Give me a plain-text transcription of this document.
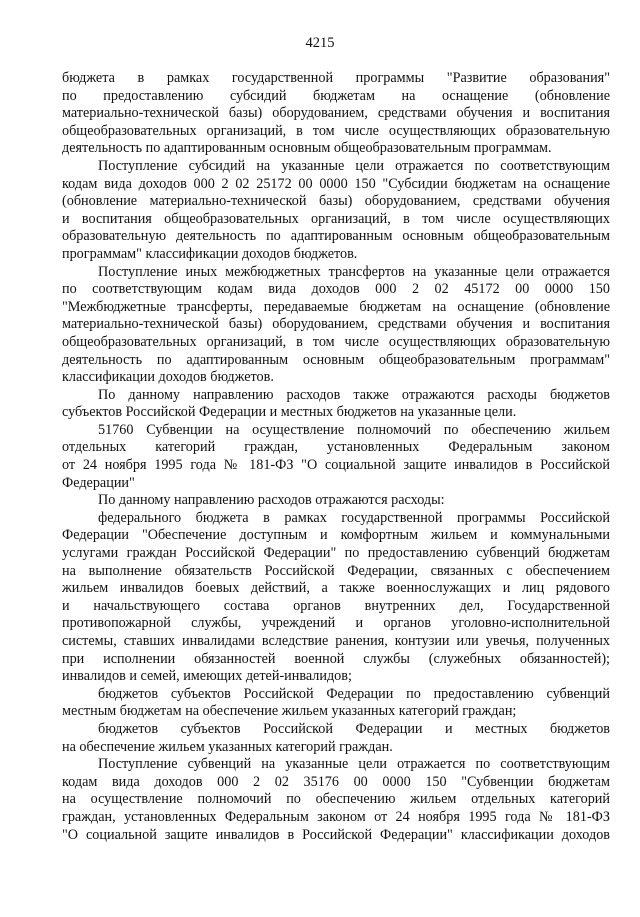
4215
бюджета в рамках государственной программы "Развитие образования"
по предоставлению субсидий бюджетам на оснащение (обновление
материально-технической базы) оборудованием, средствами обучения и воспитания
общеобразовательных организаций, в том числе осуществляющих образовательную
деятельность по адаптированным основным общеобразовательным программам.
Поступление субсидий на указанные цели отражается по соответствующим
кодам вида доходов 000 2 02 25172 00 0000 150 "Субсидии бюджетам на оснащение
(обновление материально-технической базы) оборудованием, средствами обучения
и воспитания общеобразовательных организаций, в том числе осуществляющих
образовательную деятельность по адаптированным основным общеобразовательным
программам" классификации доходов бюджетов.
Поступление иных межбюджетных трансфертов на указанные цели отражается
по соответствующим кодам вида доходов 000 2 02 45172 00 0000 150
"Межбюджетные трансферты, передаваемые бюджетам на оснащение (обновление
материально-технической базы) оборудованием, средствами обучения и воспитания
общеобразовательных организаций, в том числе осуществляющих образовательную
деятельность по адаптированным основным общеобразовательным программам"
классификации доходов бюджетов.
По данному направлению расходов также отражаются расходы бюджетов
субъектов Российской Федерации и местных бюджетов на указанные цели.
51760 Субвенции на осуществление полномочий по обеспечению жильем
отдельных категорий граждан, установленных Федеральным законом
от 24 ноября 1995 года № 181-ФЗ "О социальной защите инвалидов в Российской
Федерации"
По данному направлению расходов отражаются расходы:
федерального бюджета в рамках государственной программы Российской
Федерации "Обеспечение доступным и комфортным жильем и коммунальными
услугами граждан Российской Федерации" по предоставлению субвенций бюджетам
на выполнение обязательств Российской Федерации, связанных с обеспечением
жильем инвалидов боевых действий, а также военнослужащих и лиц рядового
и начальствующего состава органов внутренних дел, Государственной
противопожарной службы, учреждений и органов уголовно-исполнительной
системы, ставших инвалидами вследствие ранения, контузии или увечья, полученных
при исполнении обязанностей военной службы (служебных обязанностей);
инвалидов и семей, имеющих детей-инвалидов;
бюджетов субъектов Российской Федерации по предоставлению субвенций
местным бюджетам на обеспечение жильем указанных категорий граждан;
бюджетов субъектов Российской Федерации и местных бюджетов
на обеспечение жильем указанных категорий граждан.
Поступление субвенций на указанные цели отражается по соответствующим
кодам вида доходов 000 2 02 35176 00 0000 150 "Субвенции бюджетам
на осуществление полномочий по обеспечению жильем отдельных категорий
граждан, установленных Федеральным законом от 24 ноября 1995 года № 181-ФЗ
"О социальной защите инвалидов в Российской Федерации" классификации доходов
